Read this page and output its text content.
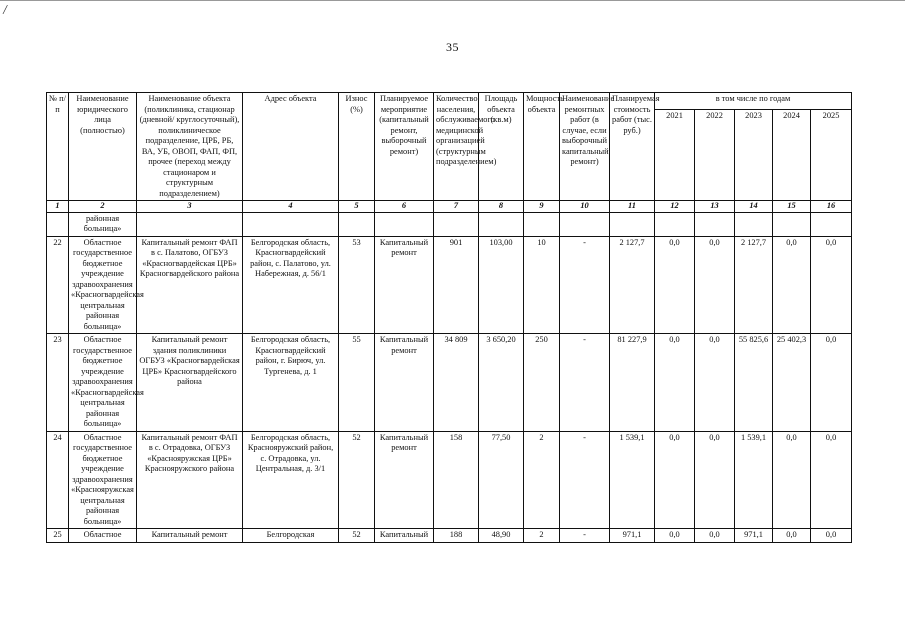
/
35
№ п/п	Наименование юридического лица (полностью)	Наименование объекта (поликлиника, стационар (дневной/ круглосуточный), поликлиническое подразделение, ЦРБ, РБ, ВА, УБ, ОВОП, ФАП, ФП, прочее (переход между стационаром и структурным подразделением)	Адрес объекта	Износ (%)	Планируемое мероприятие (капитальный ремонт, выборочный ремонт)	Количество населения, обслуживаемого медицинской организацией (структурным подразделением)	Площадь объекта (кв.м)	Мощность объекта	Наименование ремонтных работ (в случае, если выборочный капитальный ремонт)	Планируемая стоимость работ (тыс. руб.)	в том числе по годам				
											2021	2022	2023	2024	2025
1	2	3	4	5	6	7	8	9	10	11	12	13	14	15	16
	районная больница»														
22	Областное государственное бюджетное учреждение здравоохранения «Красногвардейская центральная районная больница»	Капитальный ремонт ФАП в с. Палатово, ОГБУЗ «Красногвардейская ЦРБ» Красногвардейского района	Белгородская область, Красногвардейский район, с. Палатово, ул. Набережная, д. 56/1	53	Капитальный ремонт	901	103,00	10	-	2 127,7	0,0	0,0	2 127,7	0,0	0,0
23	Областное государственное бюджетное учреждение здравоохранения «Красногвардейская центральная районная больница»	Капитальный ремонт здания поликлиники ОГБУЗ «Красногвардейская ЦРБ» Красногвардейского района	Белгородская область, Красногвардейский район, г. Бирюч, ул. Тургенева, д. 1	55	Капитальный ремонт	34 809	3 650,20	250	-	81 227,9	0,0	0,0	55 825,6	25 402,3	0,0
24	Областное государственное бюджетное учреждение здравоохранения «Краснояружская центральная районная больница»	Капитальный ремонт ФАП в с. Отрадовка, ОГБУЗ «Краснояружская ЦРБ» Краснояружского района	Белгородская область, Краснояружский район, с. Отрадовка, ул. Центральная, д. 3/1	52	Капитальный ремонт	158	77,50	2	-	1 539,1	0,0	0,0	1 539,1	0,0	0,0
25	Областное	Капитальный ремонт	Белгородская	52	Капитальный	188	48,90	2	-	971,1	0,0	0,0	971,1	0,0	0,0
